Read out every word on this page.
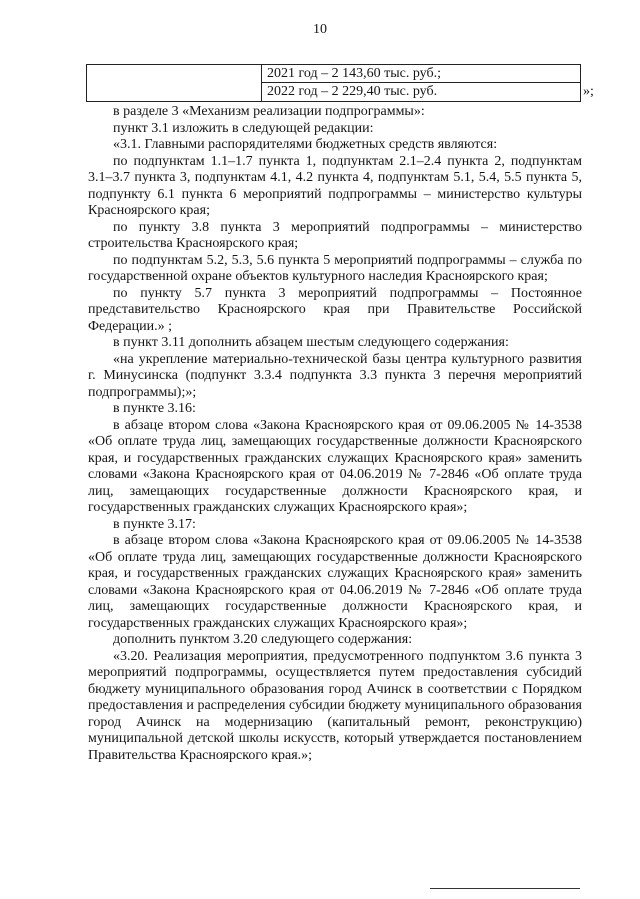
10
2021 год – 2 143,60 тыс. руб.;
2022 год – 2 229,40 тыс. руб.	»;

в разделе 3 «Механизм реализации подпрограммы»:

пункт 3.1 изложить в следующей редакции:

«3.1. Главными распорядителями бюджетных средств являются:

по подпунктам 1.1–1.7 пункта 1, подпунктам 2.1–2.4 пункта 2, подпунктам 3.1–3.7 пункта 3, подпунктам 4.1, 4.2 пункта 4, подпунктам 5.1, 5.4, 5.5 пункта 5, подпункту 6.1 пункта 6 мероприятий подпрограммы – министерство культуры Красноярского края;

по пункту 3.8 пункта 3 мероприятий подпрограммы – министерство строительства Красноярского края;

по подпунктам 5.2, 5.3, 5.6 пункта 5 мероприятий подпрограммы – служба по государственной охране объектов культурного наследия Красноярского края;

по пункту 5.7 пункта 3 мероприятий подпрограммы – Постоянное представительство Красноярского края при Правительстве Российской Федерации.» ;

в пункт 3.11 дополнить абзацем шестым следующего содержания:

«на укрепление материально-технической базы центра культурного развития г. Минусинска (подпункт 3.3.4 подпункта 3.3 пункта 3 перечня мероприятий подпрограммы);»;

в пункте 3.16:

в абзаце втором слова «Закона Красноярского края от 09.06.2005 № 14-3538 «Об оплате труда лиц, замещающих государственные должности Красноярского края, и государственных гражданских служащих Красноярского края» заменить словами «Закона Красноярского края от 04.06.2019 № 7-2846 «Об оплате труда лиц, замещающих государственные должности Красноярского края, и государственных гражданских служащих Красноярского края»;

в пункте 3.17:

в абзаце втором слова «Закона Красноярского края от 09.06.2005 № 14-3538 «Об оплате труда лиц, замещающих государственные должности Красноярского края, и государственных гражданских служащих Красноярского края» заменить словами «Закона Красноярского края от 04.06.2019 № 7-2846 «Об оплате труда лиц, замещающих государственные должности Красноярского края, и государственных гражданских служащих Красноярского края»;

дополнить пунктом 3.20 следующего содержания:

«3.20. Реализация мероприятия, предусмотренного подпунктом 3.6 пункта 3 мероприятий подпрограммы, осуществляется путем предоставления субсидий бюджету муниципального образования город Ачинск в соответствии с Порядком предоставления и распределения субсидии бюджету муниципального образования город Ачинск на модернизацию (капитальный ремонт, реконструкцию) муниципальной детской школы искусств, который утверждается постановлением Правительства Красноярского края.»;
